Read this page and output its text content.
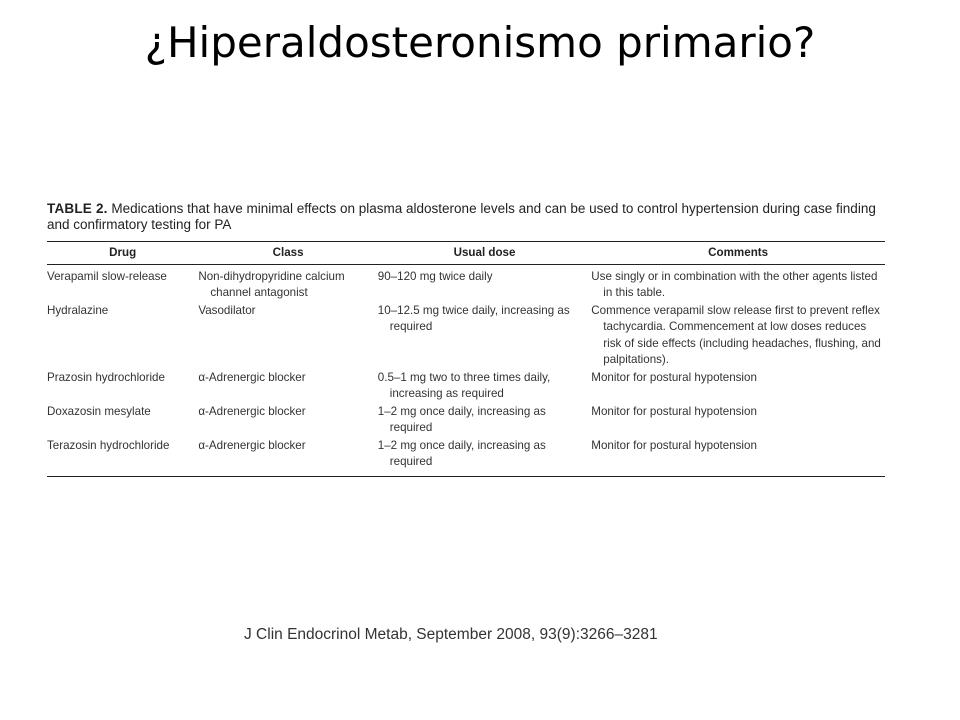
¿Hiperaldosteronismo primario?
TABLE 2. Medications that have minimal effects on plasma aldosterone levels and can be used to control hypertension during case finding and confirmatory testing for PA
Drug	Class	Usual dose	Comments
Verapamil slow-release	Non-dihydropyridine calcium channel antagonist	90–120 mg twice daily	Use singly or in combination with the other agents listed in this table.

Hydralazine	Vasodilator	10–12.5 mg twice daily, increasing as required	Commence verapamil slow release first to prevent reflex tachycardia. Commencement at low doses reduces risk of side effects (including headaches, flushing, and palpitations).

Prazosin hydrochloride	α-Adrenergic blocker	0.5–1 mg two to three times daily, increasing as required	Monitor for postural hypotension

Doxazosin mesylate	α-Adrenergic blocker	1–2 mg once daily, increasing as required	Monitor for postural hypotension

Terazosin hydrochloride	α-Adrenergic blocker	1–2 mg once daily, increasing as required	Monitor for postural hypotension
J Clin Endocrinol Metab, September 2008, 93(9):3266–3281
